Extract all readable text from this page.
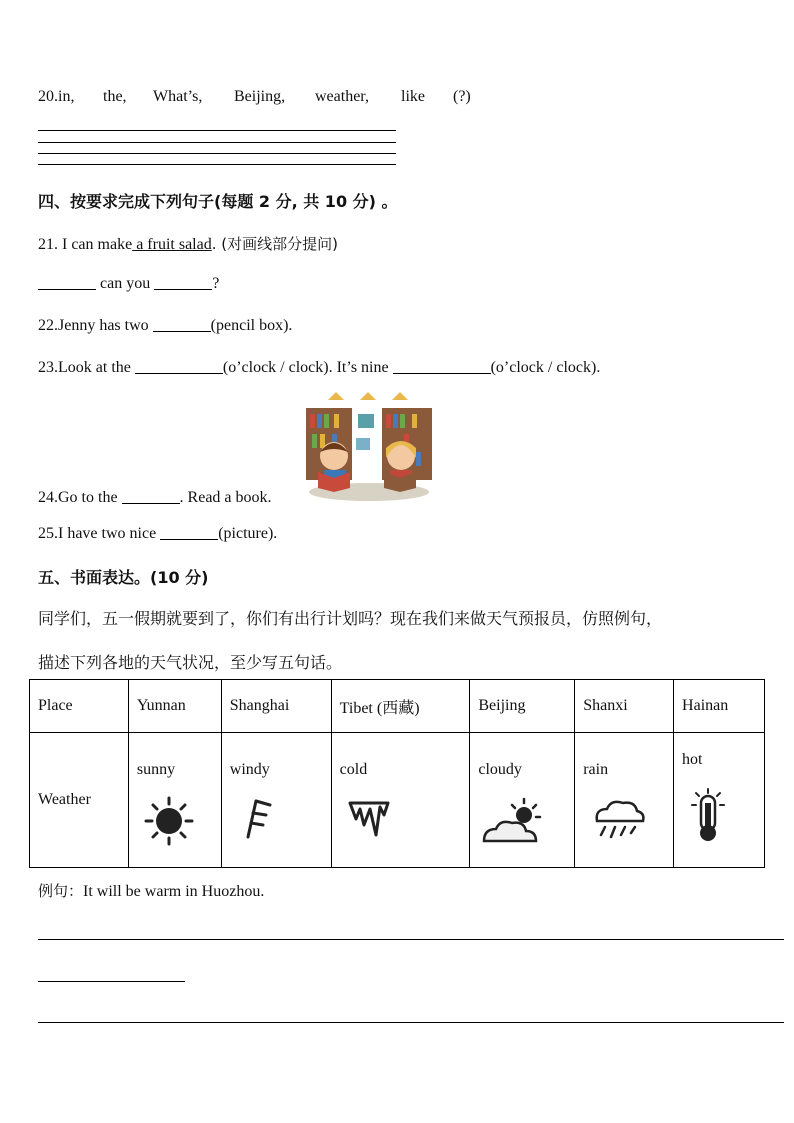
20.in, the, What’s, Beijing, weather, like (?)
四、按要求完成下列句子(每题 2 分, 共 10 分) 。
21. I can make a fruit salad. (对画线部分提问)
can you	?
22.Jenny has two	(pencil box).
23.Look at the	(o’clock / clock). It’s nine	(o’clock / clock).
24.Go to the	. Read a book.
25.I have two nice	(picture).
五、书面表达。(10 分)
同学们，五一假期就要到了，你们有出行计划吗？现在我们来做天气预报员，仿照例句，
描述下列各地的天气状况，至少写五句话。
Place	Yunnan	Shanghai	Tibet (西藏)	Beijing	Shanxi	Hainan
Weather	sunny	windy	cold	cloudy	rain	hot
例句：It will be warm in Huozhou.
